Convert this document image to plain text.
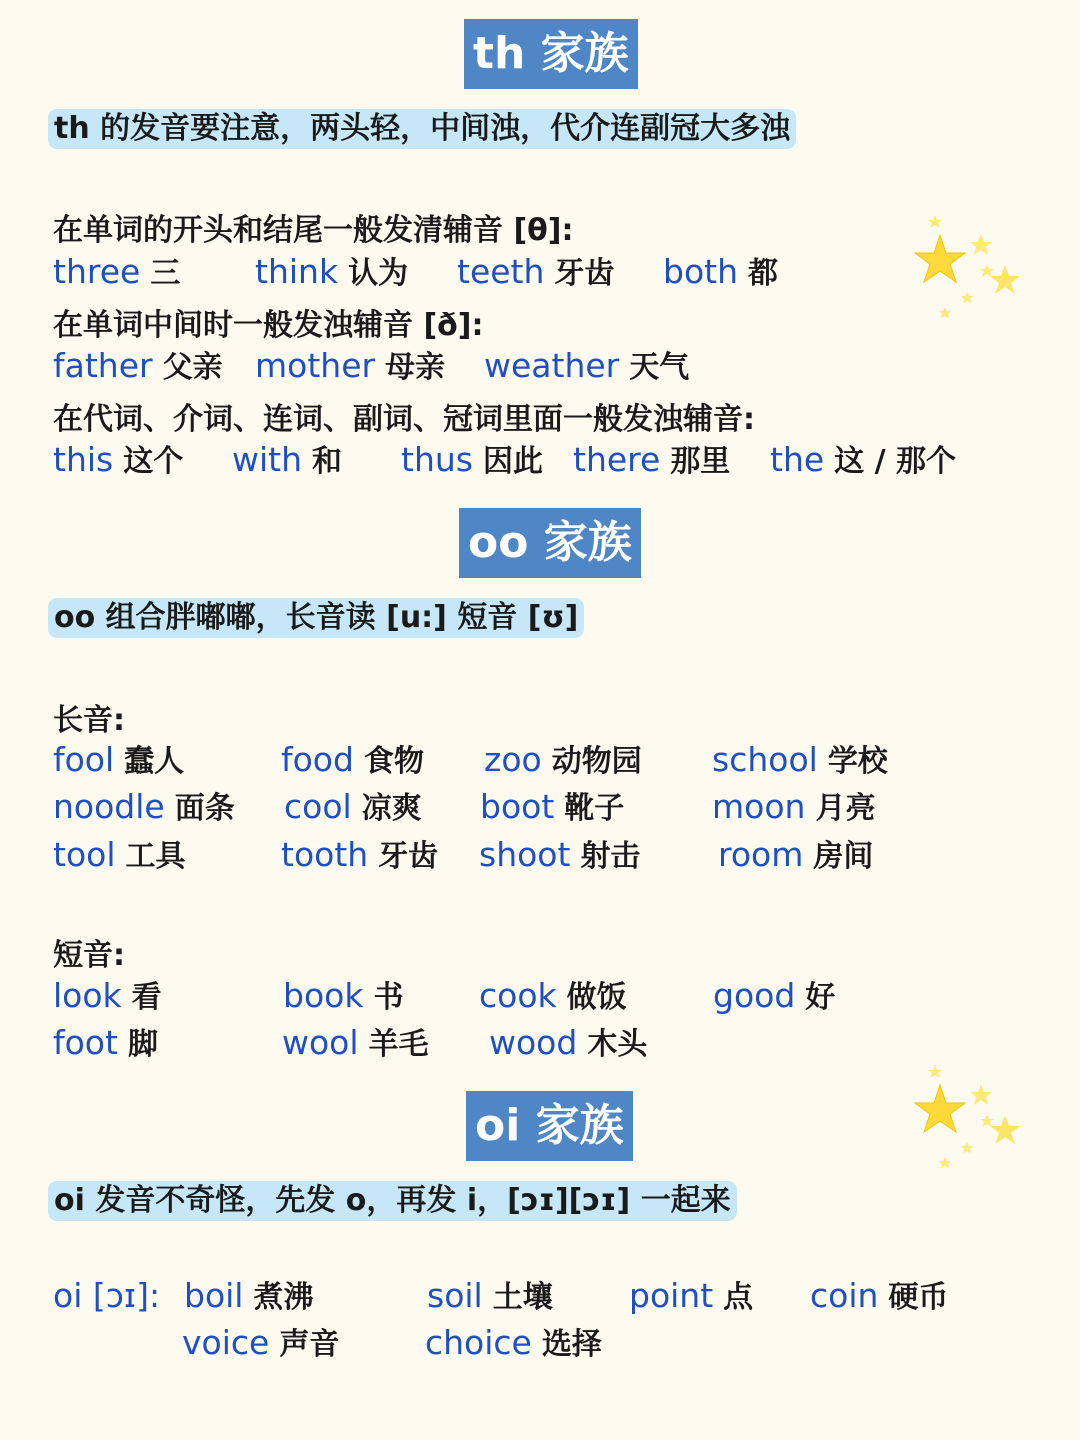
th 家族
th 的发音要注意，两头轻，中间浊，代介连副冠大多浊
在单词的开头和结尾一般发清辅音 [θ]:
three 三 think 认为 teeth 牙齿 both 都
在单词中间时一般发浊辅音 [ð]:
father 父亲 mother 母亲 weather 天气
在代词、介词、连词、副词、冠词里面一般发浊辅音:
this 这个 with 和 thus 因此 there 那里 the 这 / 那个
oo 家族
oo 组合胖嘟嘟，长音读 [u:] 短音 [ʊ]
长音:
fool 蠢人	food 食物 zoo 动物园 school 学校
noodle 面条 cool 凉爽 boot 靴子	moon 月亮
tool 工具	tooth 牙齿 shoot 射击 room 房间
短音:
look 看	book 书 cook 做饭	good 好
foot 脚	wool 羊毛 wood 木头
oi 家族
oi 发音不奇怪，先发 o，再发 i，[ɔɪ][ɔɪ] 一起来
oi [ɔɪ]: boil 煮沸	soil 土壤 point 点 coin 硬币
voice 声音	choice 选择
